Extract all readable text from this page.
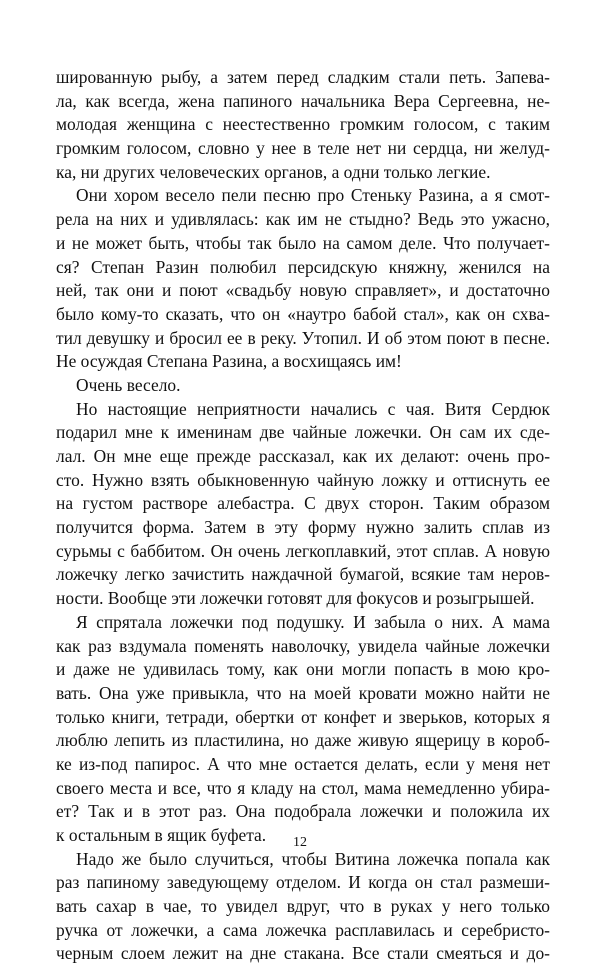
шированную рыбу, а затем перед сладким стали петь. Запева-
ла, как всегда, жена папиного начальника Вера Сергеевна, не-
молодая женщина с неестественно громким голосом, с таким
громким голосом, словно у нее в теле нет ни сердца, ни желуд-
ка, ни других человеческих органов, а одни только легкие.
Они хором весело пели песню про Стеньку Разина, а я смот-
рела на них и удивлялась: как им не стыдно? Ведь это ужасно,
и не может быть, чтобы так было на самом деле. Что получает-
ся? Степан Разин полюбил персидскую княжну, женился на
ней, так они и поют «свадьбу новую справляет», и достаточно
было кому-то сказать, что он «наутро бабой стал», как он схва-
тил девушку и бросил ее в реку. Утопил. И об этом поют в песне.
Не осуждая Степана Разина, а восхищаясь им!
Очень весело.
Но настоящие неприятности начались с чая. Витя Сердюк
подарил мне к именинам две чайные ложечки. Он сам их сде-
лал. Он мне еще прежде рассказал, как их делают: очень про-
сто. Нужно взять обыкновенную чайную ложку и оттиснуть ее
на густом растворе алебастра. С двух сторон. Таким образом
получится форма. Затем в эту форму нужно залить сплав из
сурьмы с баббитом. Он очень легкоплавкий, этот сплав. А новую
ложечку легко зачистить наждачной бумагой, всякие там неров-
ности. Вообще эти ложечки готовят для фокусов и розыгрышей.
Я спрятала ложечки под подушку. И забыла о них. А мама
как раз вздумала поменять наволочку, увидела чайные ложечки
и даже не удивилась тому, как они могли попасть в мою кро-
вать. Она уже привыкла, что на моей кровати можно найти не
только книги, тетради, обертки от конфет и зверьков, которых я
люблю лепить из пластилина, но даже живую ящерицу в короб-
ке из-под папирос. А что мне остается делать, если у меня нет
своего места и все, что я кладу на стол, мама немедленно убира-
ет? Так и в этот раз. Она подобрала ложечки и положила их
к остальным в ящик буфета.
Надо же было случиться, чтобы Витина ложечка попала как
раз папиному заведующему отделом. И когда он стал размеши-
вать сахар в чае, то увидел вдруг, что в руках у него только
ручка от ложечки, а сама ложечка расплавилась и серебристо-
черным слоем лежит на дне стакана. Все стали смеяться и до-
12
